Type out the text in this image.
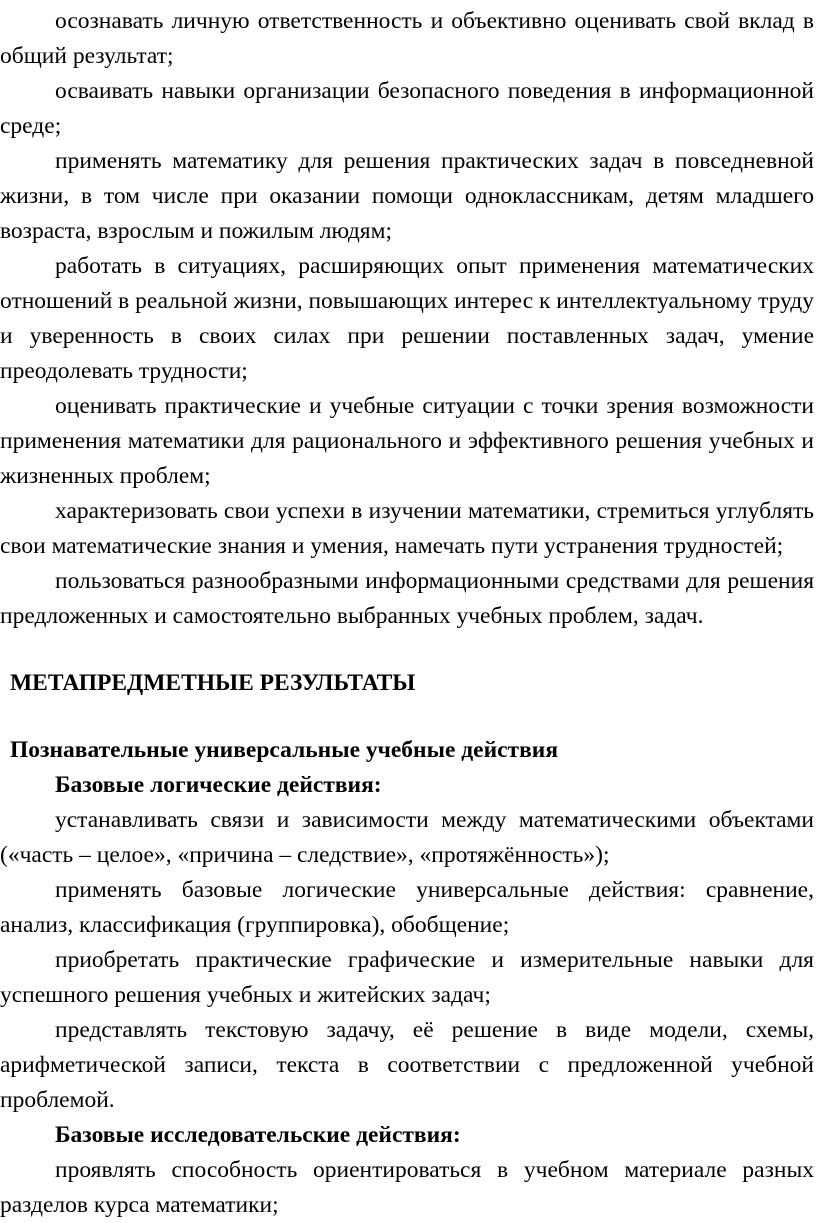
осознавать личную ответственность и объективно оценивать свой вклад в общий результат;

осваивать навыки организации безопасного поведения в информационной среде;

применять математику для решения практических задач в повседневной жизни, в том числе при оказании помощи одноклассникам, детям младшего возраста, взрослым и пожилым людям;

работать в ситуациях, расширяющих опыт применения математических отношений в реальной жизни, повышающих интерес к интеллектуальному труду и уверенность в своих силах при решении поставленных задач, умение преодолевать трудности;

оценивать практические и учебные ситуации с точки зрения возможности применения математики для рационального и эффективного решения учебных и жизненных проблем;

характеризовать свои успехи в изучении математики, стремиться углублять свои математические знания и умения, намечать пути устранения трудностей;

пользоваться разнообразными информационными средствами для решения предложенных и самостоятельно выбранных учебных проблем, задач.

МЕТАПРЕДМЕТНЫЕ РЕЗУЛЬТАТЫ
Познавательные универсальные учебные действия
Базовые логические действия:

устанавливать связи и зависимости между математическими объектами («часть – целое», «причина – следствие», «протяжённость»);

применять базовые логические универсальные действия: сравнение, анализ, классификация (группировка), обобщение;

приобретать практические графические и измерительные навыки для успешного решения учебных и житейских задач;

представлять текстовую задачу, её решение в виде модели, схемы, арифметической записи, текста в соответствии с предложенной учебной проблемой.

Базовые исследовательские действия:

проявлять способность ориентироваться в учебном материале разных разделов курса математики;
